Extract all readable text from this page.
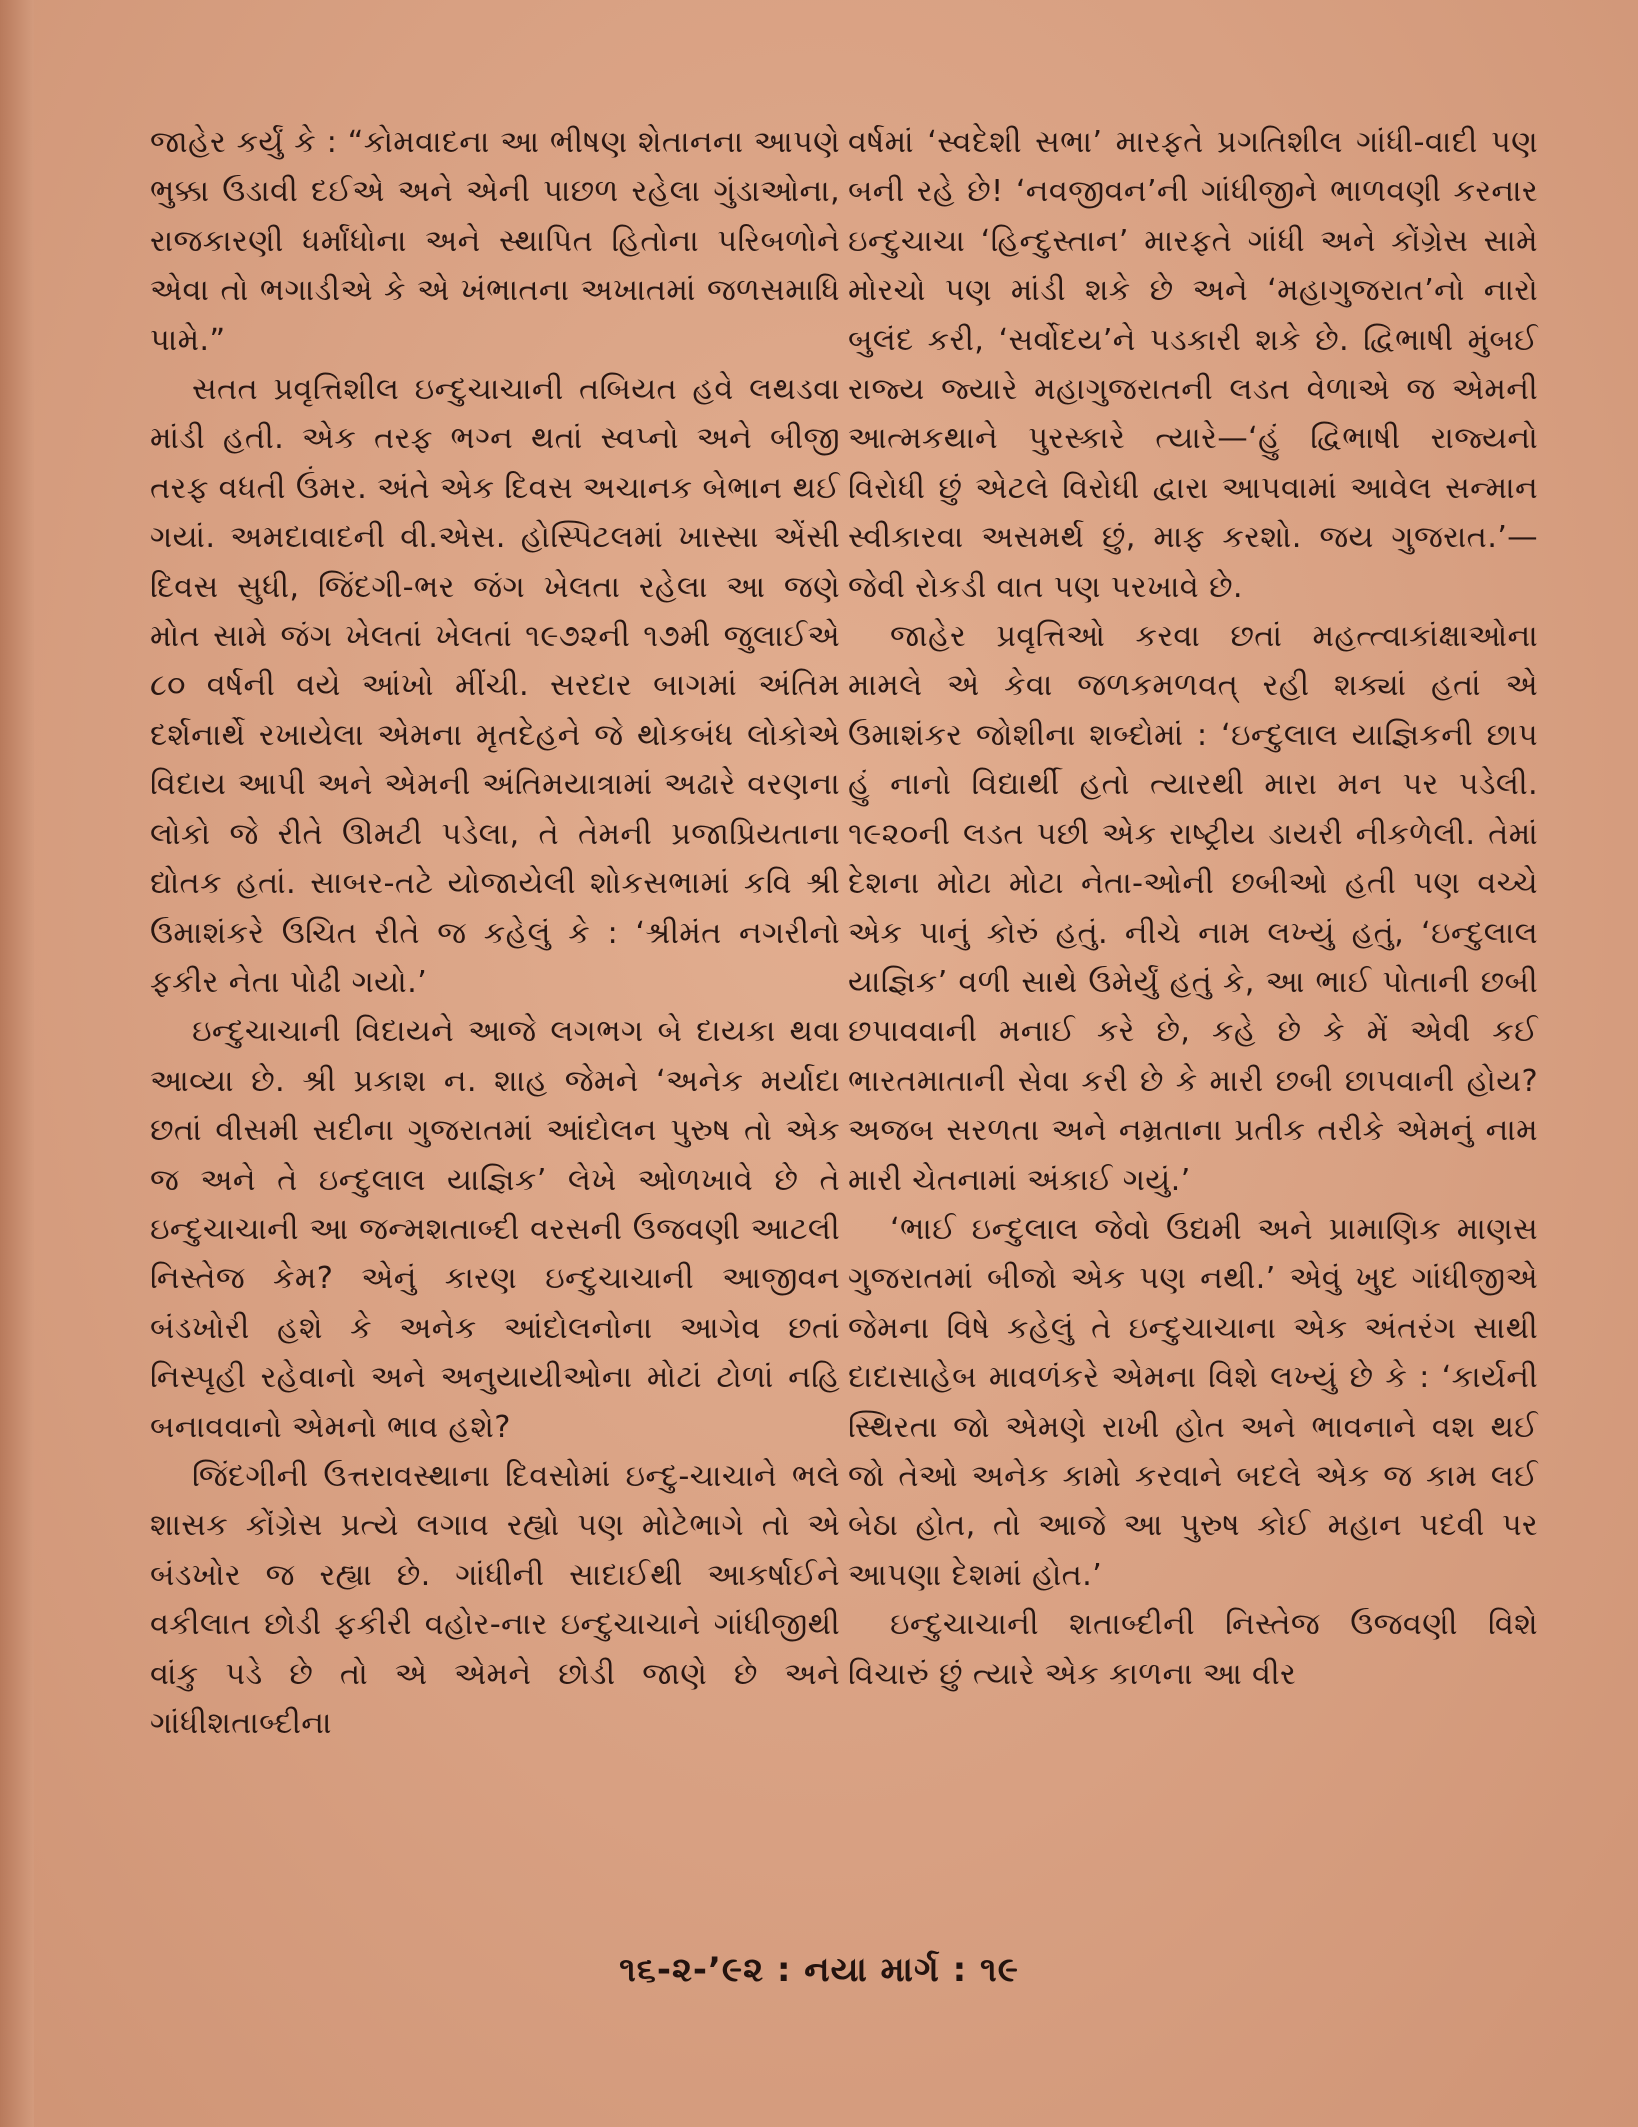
જાહેર કર્યું કે : “કોમવાદના આ ભીષણ શેતાનના આપણે ભુક્કા ઉડાવી દઈએ અને એની પાછળ રહેલા ગુંડાઓના, રાજકારણી ધર્માંધોના અને સ્થાપિત હિતોના પરિબળોને એવા તો ભગાડીએ કે એ ખંભાતના અખાતમાં જળસમાધિ પામે.”

સતત પ્રવૃત્તિશીલ ઇન્દુચાચાની તબિયત હવે લથડવા માંડી હતી. એક તરફ ભગ્ન થતાં સ્વપ્નો અને બીજી તરફ વધતી ઉંમર. અંતે એક દિવસ અચાનક બેભાન થઈ ગયાં. અમદાવાદની વી.એસ. હોસ્પિટલમાં ખાસ્સા એંસી દિવસ સુધી, જિંદગી-ભર જંગ ખેલતા રહેલા આ જણે મોત સામે જંગ ખેલતાં ખેલતાં ૧૯૭૨ની ૧૭મી જુલાઈએ ૮૦ વર્ષની વયે આંખો મીંચી. સરદાર બાગમાં અંતિમ દર્શનાર્થે રખાયેલા એમના મૃતદેહને જે થોકબંધ લોકોએ વિદાય આપી અને એમની અંતિમયાત્રામાં અઢારે વરણના લોકો જે રીતે ઊમટી પડેલા, તે તેમની પ્રજાપ્રિયતાના દ્યોતક હતાં. સાબર-તટે યોજાયેલી શોકસભામાં કવિ શ્રી ઉમાશંકરે ઉચિત રીતે જ કહેલું કે : ‘શ્રીમંત નગરીનો ફકીર નેતા પોઢી ગયો.’

ઇન્દુચાચાની વિદાયને આજે લગભગ બે દાયકા થવા આવ્યા છે. શ્રી પ્રકાશ ન. શાહ જેમને ‘અનેક મર્યાદા છતાં વીસમી સદીના ગુજરાતમાં આંદોલન પુરુષ તો એક જ અને તે ઇન્દુલાલ યાજ્ઞિક’ લેખે ઓળખાવે છે તે ઇન્દુચાચાની આ જન્મશતાબ્દી વરસની ઉજવણી આટલી નિસ્તેજ કેમ? એનું કારણ ઇન્દુચાચાની આજીવન બંડખોરી હશે કે અનેક આંદોલનોના આગેવ છતાં નિસ્પૃહી રહેવાનો અને અનુયાયીઓના મોટાં ટોળાં નહિ બનાવવાનો એમનો ભાવ હશે?

જિંદગીની ઉત્તરાવસ્થાના દિવસોમાં ઇન્દુ-ચાચાને ભલે શાસક કોંગ્રેસ પ્રત્યે લગાવ રહ્યો પણ મોટેભાગે તો એ બંડખોર જ રહ્યા છે. ગાંધીની સાદાઈથી આકર્ષાઈને વકીલાત છોડી ફકીરી વહોર-નાર ઇન્દુચાચાને ગાંધીજીથી વાંકુ પડે છે તો એ એમને છોડી જાણે છે અને ગાંધીશતાબ્દીના

વર્ષમાં ‘સ્વદેશી સભા’ મારફતે પ્રગતિશીલ ગાંધી-વાદી પણ બની રહે છે! ‘નવજીવન’ની ગાંધીજીને ભાળવણી કરનાર ઇન્દુચાચા ‘હિન્દુસ્તાન’ મારફતે ગાંધી અને કોંગ્રેસ સામે મોરચો પણ માંડી શકે છે અને ‘મહાગુજરાત’નો નારો બુલંદ કરી, ‘સર્વોદય’ને પડકારી શકે છે. દ્વિભાષી મુંબઈ રાજ્ય જ્યારે મહાગુજરાતની લડત વેળાએ જ એમની આત્મકથાને પુરસ્કારે ત્યારે—‘હું દ્વિભાષી રાજ્યનો વિરોધી છું એટલે વિરોધી દ્વારા આપવામાં આવેલ સન્માન સ્વીકારવા અસમર્થ છું, માફ કરશો. જય ગુજરાત.’—જેવી રોકડી વાત પણ પરખાવે છે.

જાહેર પ્રવૃત્તિઓ કરવા છતાં મહત્ત્વાકાંક્ષાઓના મામલે એ કેવા જળકમળવત્ રહી શક્યાં હતાં એ ઉમાશંકર જોશીના શબ્દોમાં : ‘ઇન્દુલાલ યાજ્ઞિકની છાપ હું નાનો વિદ્યાર્થી હતો ત્યારથી મારા મન પર પડેલી. ૧૯૨૦ની લડત પછી એક રાષ્ટ્રીય ડાયરી નીકળેલી. તેમાં દેશના મોટા મોટા નેતા-ઓની છબીઓ હતી પણ વચ્ચે એક પાનું કોરું હતું. નીચે નામ લખ્યું હતું, ‘ઇન્દુલાલ યાજ્ઞિક’ વળી સાથે ઉમેર્યું હતું કે, આ ભાઈ પોતાની છબી છપાવવાની મનાઈ કરે છે, કહે છે કે મેં એવી કઈ ભારતમાતાની સેવા કરી છે કે મારી છબી છાપવાની હોય? અજબ સરળતા અને નમ્રતાના પ્રતીક તરીકે એમનું નામ મારી ચેતનામાં અંકાઈ ગયું.’

‘ભાઈ ઇન્દુલાલ જેવો ઉદ્યમી અને પ્રામાણિક માણસ ગુજરાતમાં બીજો એક પણ નથી.’ એવું ખુદ ગાંધીજીએ જેમના વિષે કહેલું તે ઇન્દુચાચાના એક અંતરંગ સાથી દાદાસાહેબ માવળંકરે એમના વિશે લખ્યું છે કે : ‘કાર્યની સ્થિરતા જો એમણે રાખી હોત અને ભાવનાને વશ થઈ જો તેઓ અનેક કામો કરવાને બદલે એક જ કામ લઈ બેઠા હોત, તો આજે આ પુરુષ કોઈ મહાન પદવી પર આપણા દેશમાં હોત.’

ઇન્દુચાચાની શતાબ્દીની નિસ્તેજ ઉજવણી વિશે વિચારું છું ત્યારે એક કાળના આ વીર

૧૬-૨-’૯૨ : નયા માર્ગ : ૧૯
